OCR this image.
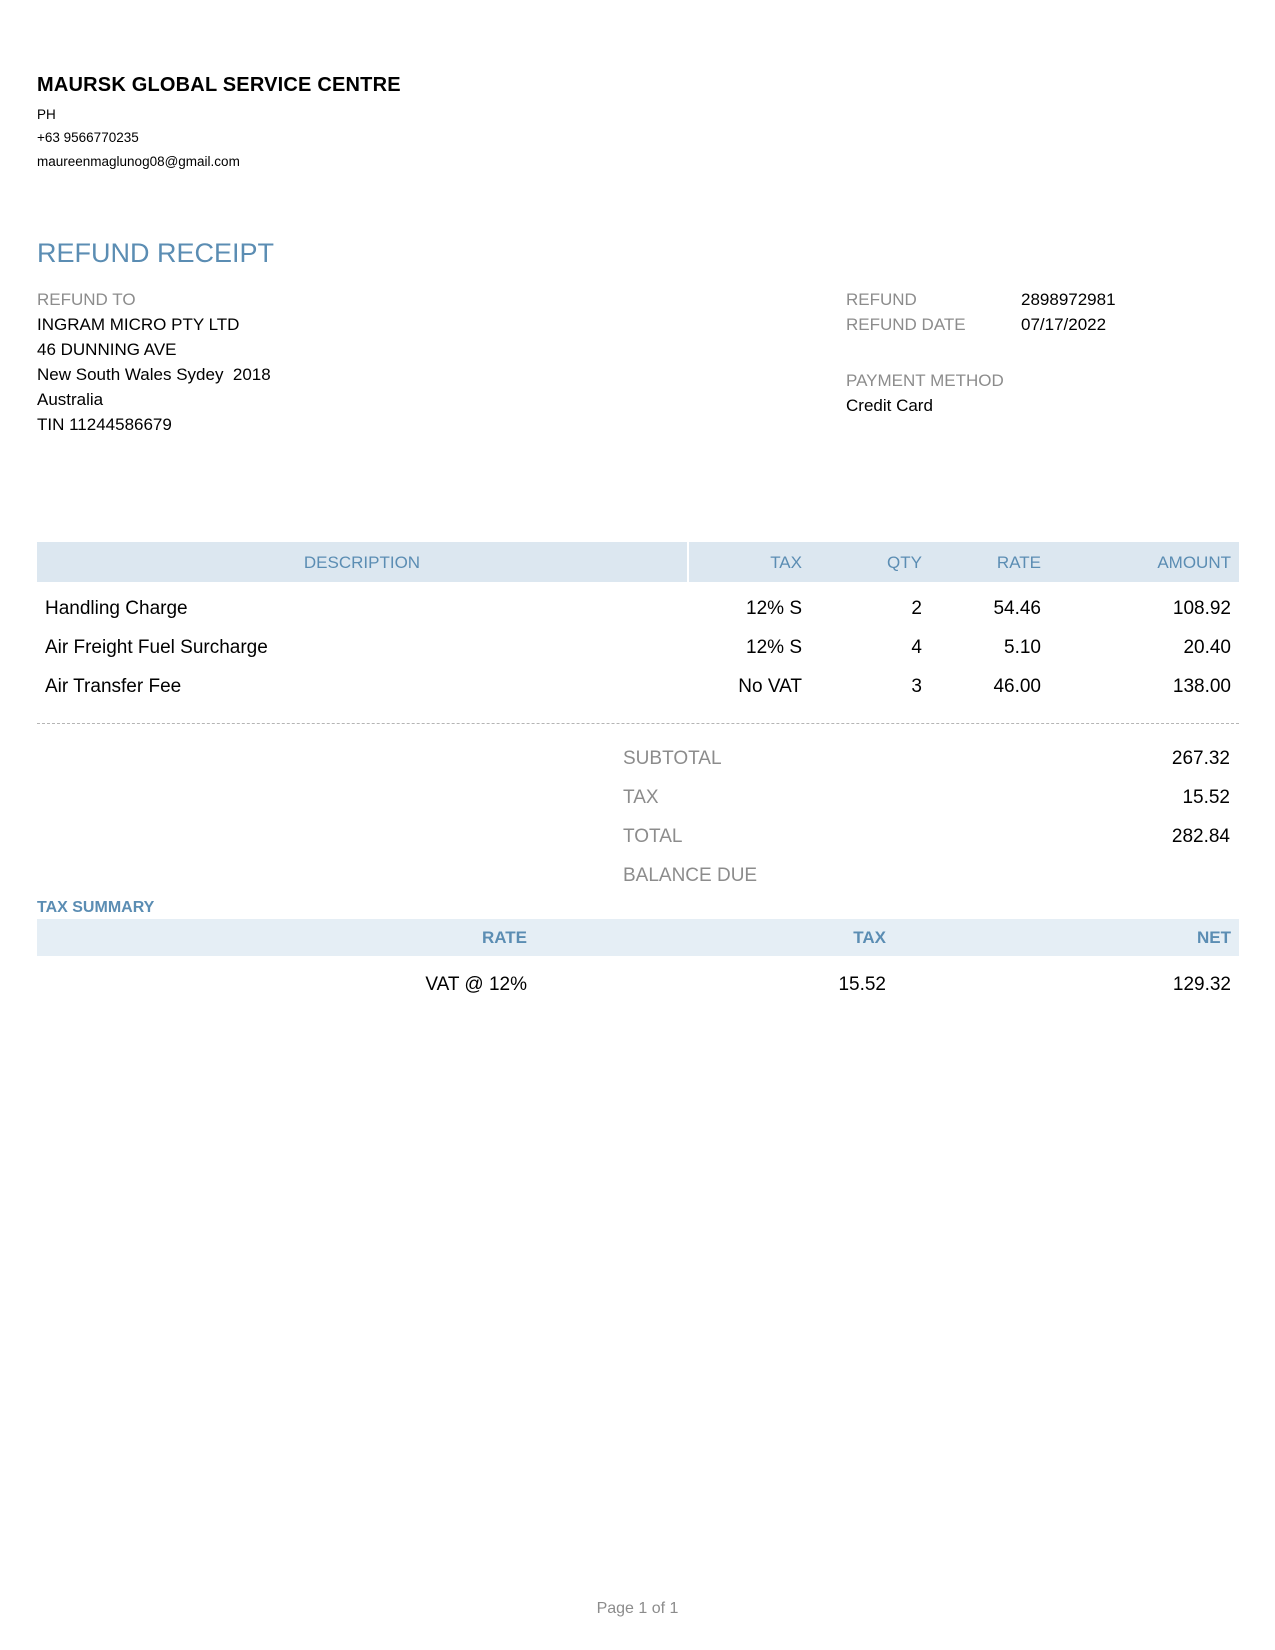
MAURSK GLOBAL SERVICE CENTRE
PH
+63 9566770235
maureenmaglunog08@gmail.com
REFUND RECEIPT
REFUND TO
INGRAM MICRO PTY LTD
46 DUNNING AVE
New South Wales Sydey  2018
Australia
TIN 11244586679
REFUND	2898972981
REFUND DATE	07/17/2022
PAYMENT METHOD
Credit Card
DESCRIPTION	TAX	QTY	RATE	AMOUNT
Handling Charge	12% S	2	54.46	108.92
Air Freight Fuel Surcharge	12% S	4	5.10	20.40
Air Transfer Fee	No VAT	3	46.00	138.00
SUBTOTAL	267.32
TAX	15.52
TOTAL	282.84
BALANCE DUE
TAX SUMMARY
RATE	TAX	NET
VAT @ 12%	15.52	129.32
Page 1 of 1
